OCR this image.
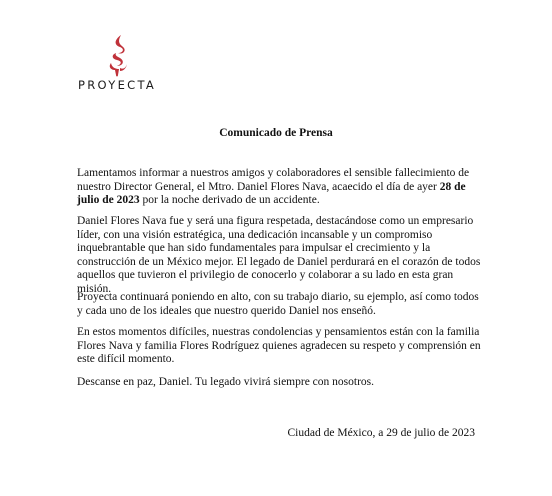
PROYECTA
Comunicado de Prensa

Lamentamos informar a nuestros amigos y colaboradores el sensible fallecimiento de nuestro Director General, el Mtro. Daniel Flores Nava, acaecido el día de ayer 28 de julio de 2023 por la noche derivado de un accidente.

Daniel Flores Nava fue y será una figura respetada, destacándose como un empresario líder, con una visión estratégica, una dedicación incansable y un compromiso inquebrantable que han sido fundamentales para impulsar el crecimiento y la construcción de un México mejor. El legado de Daniel perdurará en el corazón de todos aquellos que tuvieron el privilegio de conocerlo y colaborar a su lado en esta gran misión.

Proyecta continuará poniendo en alto, con su trabajo diario, su ejemplo, así como todos y cada uno de los ideales que nuestro querido Daniel nos enseñó.

En estos momentos difíciles, nuestras condolencias y pensamientos están con la familia Flores Nava y familia Flores Rodríguez quienes agradecen su respeto y comprensión en este difícil momento.

Descanse en paz, Daniel. Tu legado vivirá siempre con nosotros.

Ciudad de México, a 29 de julio de 2023
